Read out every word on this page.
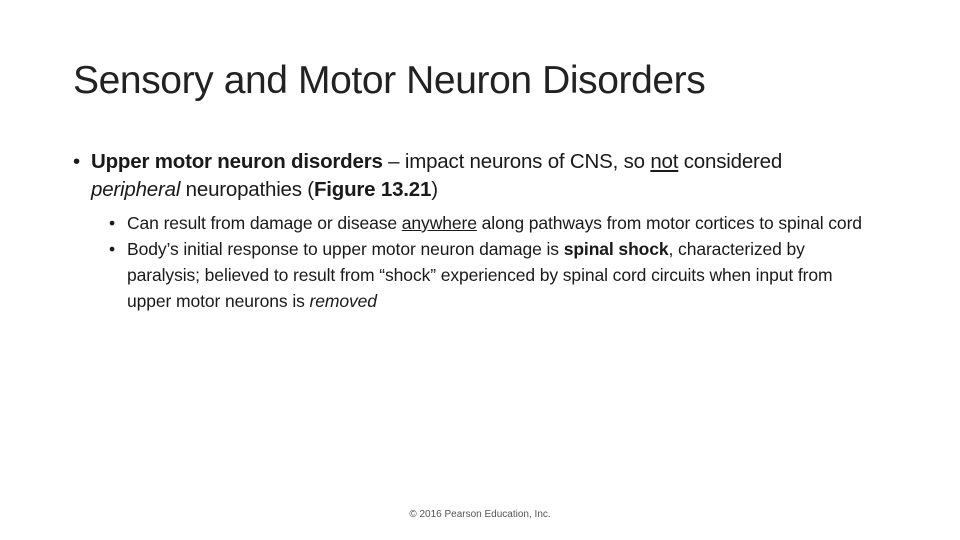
Sensory and Motor Neuron Disorders
• Upper motor neuron disorders – impact neurons of CNS, so not considered peripheral neuropathies (Figure 13.21)
• Can result from damage or disease anywhere along pathways from motor cortices to spinal cord
• Body’s initial response to upper motor neuron damage is spinal shock, characterized by paralysis; believed to result from “shock” experienced by spinal cord circuits when input from upper motor neurons is removed
© 2016 Pearson Education, Inc.
